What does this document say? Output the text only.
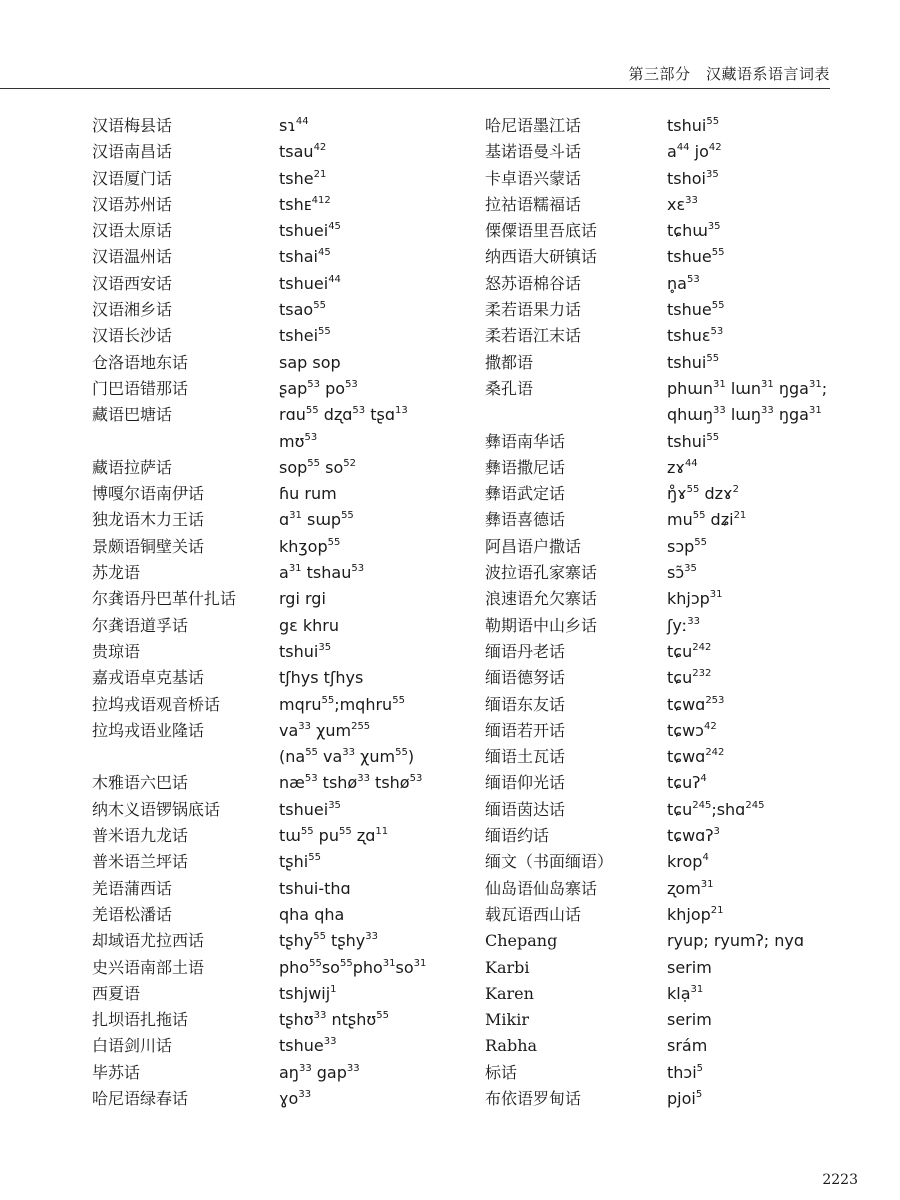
第三部分　汉藏语系语言词表
汉语梅县话	sɿ$^{44}$
汉语南昌话	tsau$^{42}$
汉语厦门话	tshe$^{21}$
汉语苏州话	tshᴇ$^{412}$
汉语太原话	tshuei$^{45}$
汉语温州话	tshai$^{45}$
汉语西安话	tshuei$^{44}$
汉语湘乡话	tsao$^{55}$
汉语长沙话	tshei$^{55}$
仓洛语地东话	sap sop
门巴语错那话	ʂap$^{53}$ $po^{53}$
藏语巴塘话	rɑu$^{55}$ dʐɑ$^{53}$ tʂɑ$^{13}$
mʊ$^{53}$
藏语拉萨话	sop$^{55}$ $so^{52}$
博嘎尔语南伊话	ɦu rum
独龙语木力王话	ɑ$^{31}$ sɯp$^{55}$
景颇语铜壁关话	khʒop$^{55}$
苏龙语	$a^{31}$ tshau$^{53}$
尔龚语丹巴革什扎话	rgi rgi
尔龚语道孚话	gɛ khru
贵琼语	tshui$^{35}$
嘉戎语卓克基话	tʃhys tʃhys
拉坞戎语观音桥话	mqru$^{55}$;mqhru$^{55}$
拉坞戎语业隆话	$va^{33}$ χum$^{255}$
($na^{55}$ $va^{33}$ χum$^{55}$)
木雅语六巴话	$næ^{53}$ tshø$^{33}$ tshø$^{53}$
纳木义语锣锅底话	tshuei$^{35}$
普米语九龙话	tɯ$^{55}$ $pu^{55}$ ʐɑ$^{11}$
普米语兰坪话	tʂhi$^{55}$
羌语蒲西话	tshui-thɑ
羌语松潘话	qha qha
却域语尤拉西话	tʂhy$^{55}$ tʂhy$^{33}$
史兴语南部土语	$pho^{55}so^{55}pho^{31}so^{31}$
西夏语	tshjwij$^1$
扎坝语扎拖话	tʂhʊ$^{33}$ ntʂhʊ$^{55}$
白语剑川话	tshue$^{33}$
毕苏话	$aŋ^{33}$ gap$^{33}$
哈尼语绿春话	ɣo$^{33}$
哈尼语墨江话	tshui$^{55}$
基诺语曼斗话	$a^{44}$ $jo^{42}$
卡卓语兴蒙话	tshoi$^{35}$
拉祜语糯福话	xɛ$^{33}$
傈僳语里吾底话	tɕhɯ$^{35}$
纳西语大研镇话	tshue$^{55}$
怒苏语棉谷话	$n̥a^{53}$
柔若语果力话	tshue$^{55}$
柔若语江末话	tshuɛ$^{53}$
撒都语	tshui$^{55}$
桑孔语	phɯn$^{31}$ lɯn$^{31}$ ŋga$^{31}$;
qhɯŋ$^{33}$ lɯŋ$^{33}$ ŋga$^{31}$
彝语南华话	tshui$^{55}$
彝语撒尼话	zɤ$^{44}$
彝语武定话	ŋ̊ɤ$^{55}$ dzɤ$^2$
彝语喜德话	$mu^{55}$ dʑi$^{21}$
阿昌语户撒话	sɔp$^{55}$
波拉语孔家寨话	sɔ̃$^{35}$
浪速语允欠寨话	khjɔp$^{31}$
勒期语中山乡话	ʃyː$^{33}$
缅语丹老话	tɕu$^{242}$
缅语德努话	tɕu$^{232}$
缅语东友话	tɕwɑ$^{253}$
缅语若开话	tɕwɔ$^{42}$
缅语土瓦话	tɕwɑ$^{242}$
缅语仰光话	tɕuʔ$^4$
缅语茵达话	tɕu$^{245}$;shɑ$^{245}$
缅语约话	tɕwɑʔ$^3$
缅文（书面缅语）	krop$^4$
仙岛语仙岛寨话	ʐom$^{31}$
载瓦语西山话	khjop$^{21}$
Chepang	ryup; ryumʔ; nyɑ
Karbi	serim
Karen	klạ$^{31}$
Mikir	serim
Rabha	srám
标话	thɔi$^5$
布依语罗甸话	pjoi$^5$
2223
